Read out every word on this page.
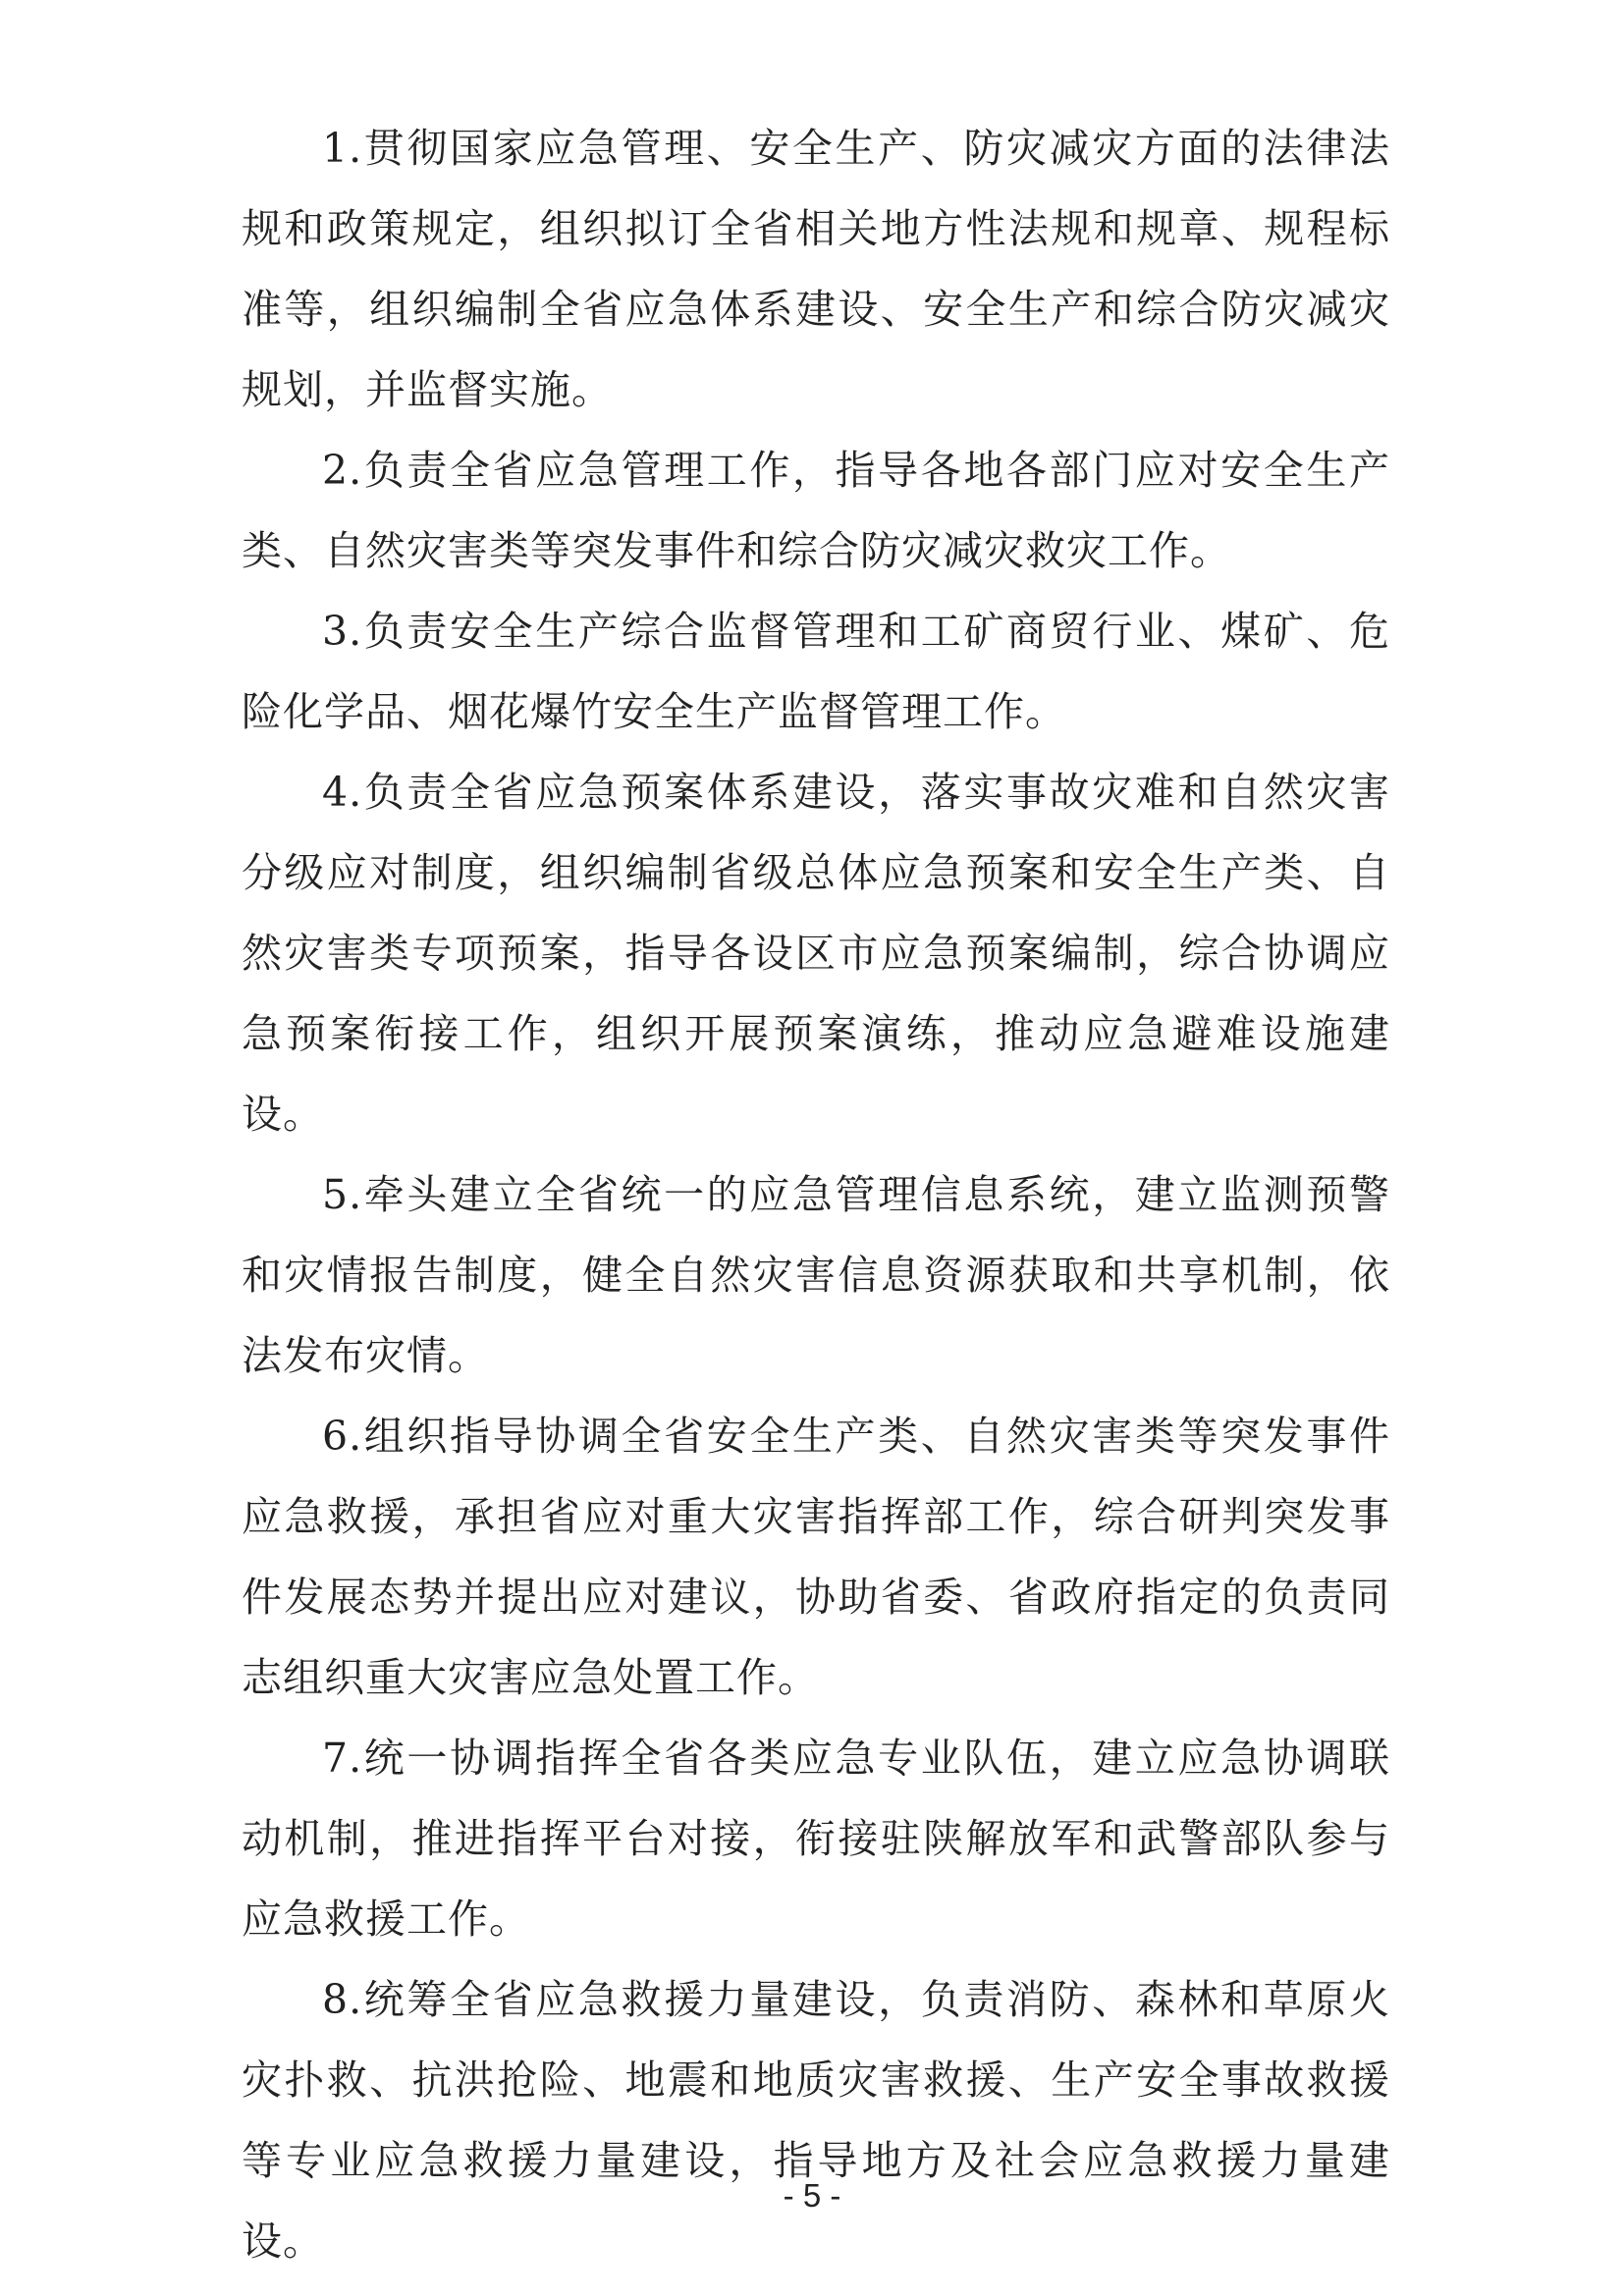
1.贯彻国家应急管理、安全生产、防灾减灾方面的法律法规和政策规定，组织拟订全省相关地方性法规和规章、规程标准等，组织编制全省应急体系建设、安全生产和综合防灾减灾规划，并监督实施。

2.负责全省应急管理工作，指导各地各部门应对安全生产类、自然灾害类等突发事件和综合防灾减灾救灾工作。

3.负责安全生产综合监督管理和工矿商贸行业、煤矿、危险化学品、烟花爆竹安全生产监督管理工作。

4.负责全省应急预案体系建设，落实事故灾难和自然灾害分级应对制度，组织编制省级总体应急预案和安全生产类、自然灾害类专项预案，指导各设区市应急预案编制，综合协调应急预案衔接工作，组织开展预案演练，推动应急避难设施建设。

5.牵头建立全省统一的应急管理信息系统，建立监测预警和灾情报告制度，健全自然灾害信息资源获取和共享机制，依法发布灾情。

6.组织指导协调全省安全生产类、自然灾害类等突发事件应急救援，承担省应对重大灾害指挥部工作，综合研判突发事件发展态势并提出应对建议，协助省委、省政府指定的负责同志组织重大灾害应急处置工作。

7.统一协调指挥全省各类应急专业队伍，建立应急协调联动机制，推进指挥平台对接，衔接驻陕解放军和武警部队参与应急救援工作。

8.统筹全省应急救援力量建设，负责消防、森林和草原火灾扑救、抗洪抢险、地震和地质灾害救援、生产安全事故救援等专业应急救援力量建设，指导地方及社会应急救援力量建设。

- 5 -
